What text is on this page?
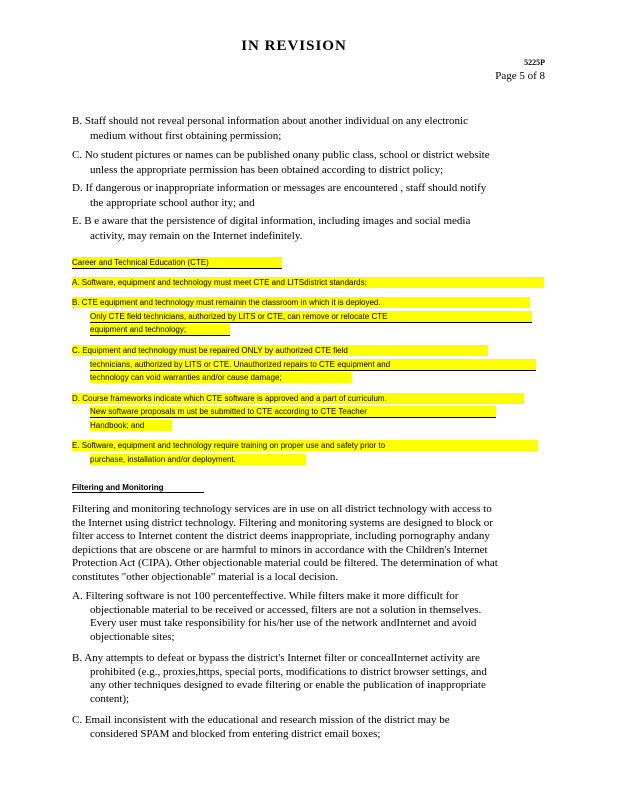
IN REVISION
5225P
Page 5 of 8
B. Staff should not reveal personal information about another individual on any electronic
medium without first obtaining permission;
C. No student pictures or names can be published onany public class, school or district website
unless the appropriate permission has been obtained according to district policy;
D. If dangerous or inappropriate information or messages are encountered , staff should notify
the appropriate school author ity; and
E. B e aware that the persistence of digital information, including images and social media
activity, may remain on the Internet indefinitely.
Career and Technical Education (CTE)
A. Software, equipment and technology must meet CTE and LITSdistrict standards;
B. CTE equipment and technology must remainin the classroom in which it is deployed.
Only CTE field technicians, authorized by LITS or CTE, can remove or relocate CTE
equipment and technology;
C. Equipment and technology must be repaired ONLY by authorized CTE field
technicians, authorized by LITS or CTE. Unauthorized repairs to CTE equipment and
technology can void warranties and/or cause damage;
D. Course frameworks indicate which CTE software is approved and a part of curriculum.
New software proposals m ust be submitted to CTE according to CTE Teacher
Handbook; and
E. Software, equipment and technology require training on proper use and safety prior to
purchase, installation and/or deployment.
Filtering and Monitoring
Filtering and monitoring technology services are in use on all district technology with access to
the Internet using district technology. Filtering and monitoring systems are designed to block or
filter access to Internet content the district deems inappropriate, including pornography andany
depictions that are obscene or are harmful to minors in accordance with the Children's Internet
Protection Act (CIPA). Other objectionable material could be filtered. The determination of what
constitutes "other objectionable" material is a local decision.
A. Filtering software is not 100 percenteffective. While filters make it more difficult for
objectionable material to be received or accessed, filters are not a solution in themselves.
Every user must take responsibility for his/her use of the network andInternet and avoid
objectionable sites;
B. Any attempts to defeat or bypass the district's Internet filter or concealInternet activity are
prohibited (e.g., proxies,https, special ports, modifications to district browser settings, and
any other techniques designed to evade filtering or enable the publication of inappropriate
content);
C. Email inconsistent with the educational and research mission of the district may be
considered SPAM and blocked from entering district email boxes;
